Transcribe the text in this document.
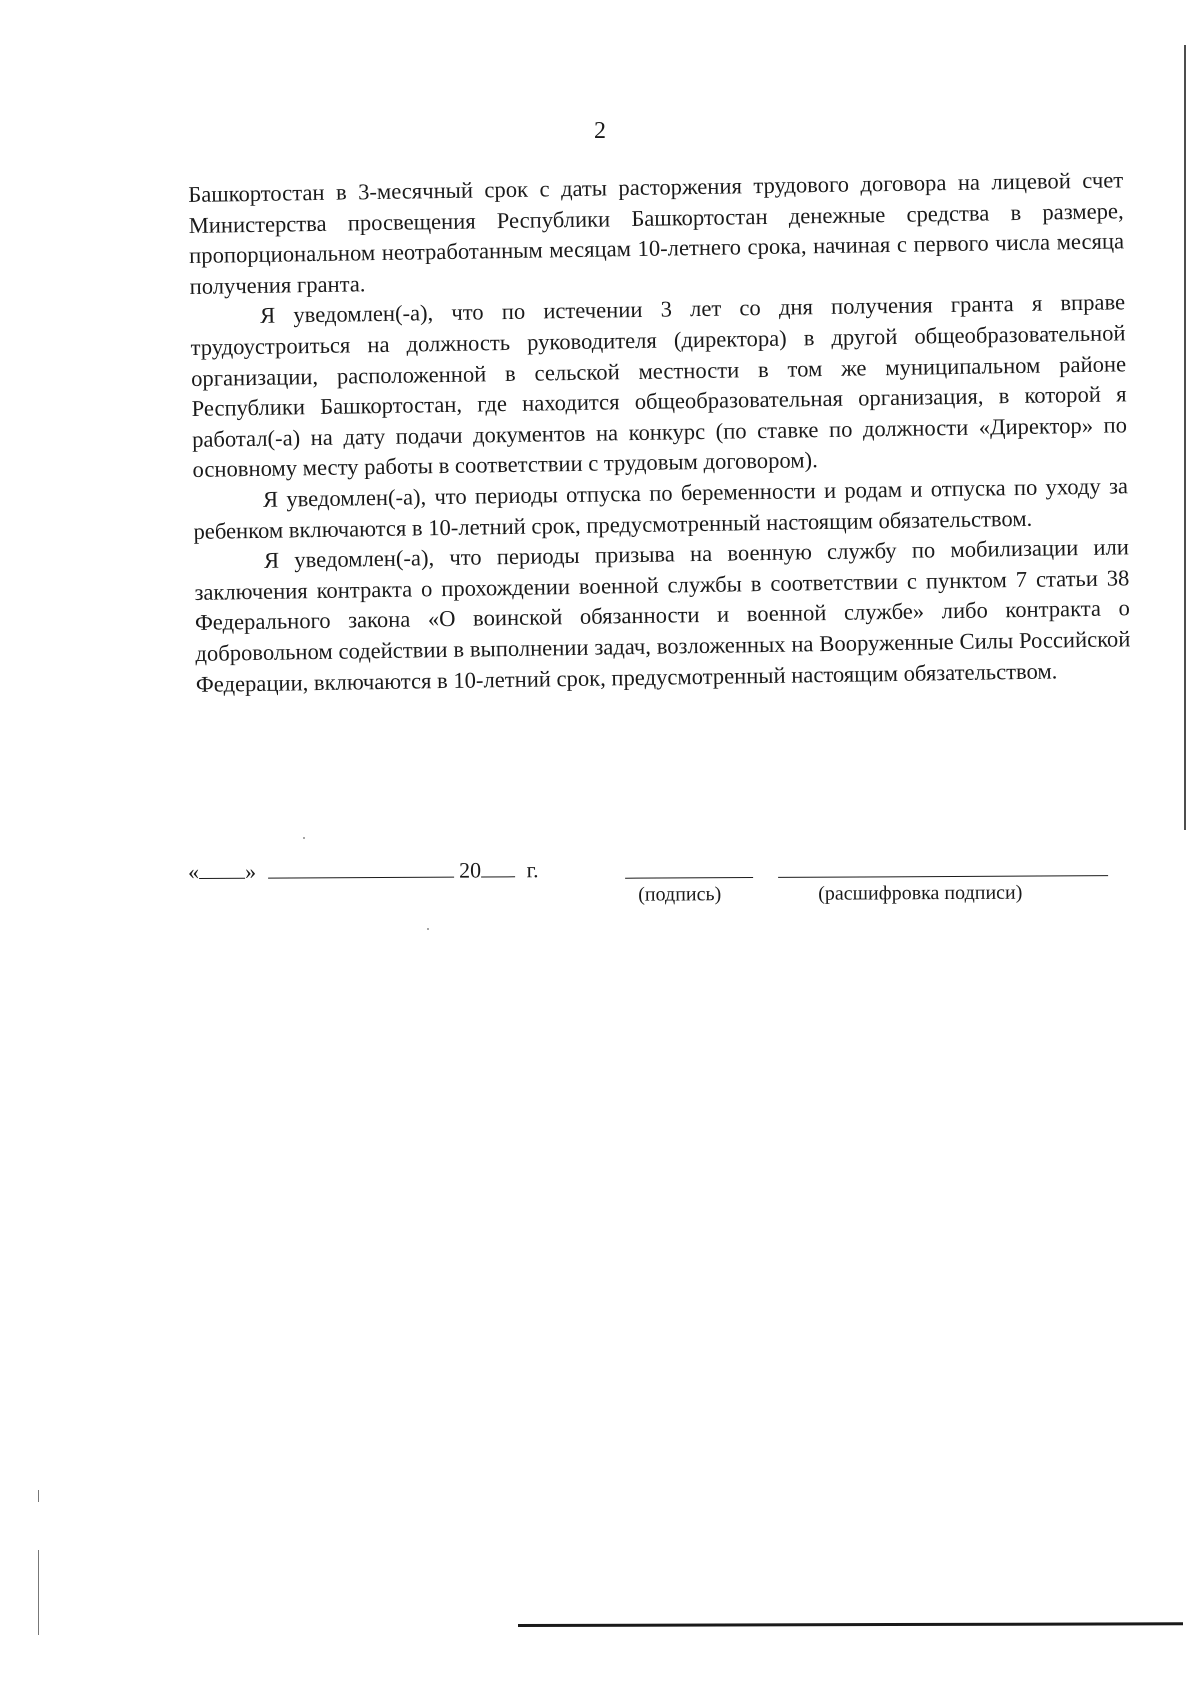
2

Башкортостан в 3-месячный срок с даты расторжения трудового договора на лицевой счет Министерства просвещения Республики Башкортостан денежные средства в размере, пропорциональном неотработанным месяцам 10-летнего срока, начиная с первого числа месяца получения гранта.

Я уведомлен(-а), что по истечении 3 лет со дня получения гранта я вправе трудоустроиться на должность руководителя (директора) в другой общеобразовательной организации, расположенной в сельской местности в том же муниципальном районе Республики Башкортостан, где находится общеобразовательная организация, в которой я работал(-а) на дату подачи документов на конкурс (по ставке по должности «Директор» по основному месту работы в соответствии с трудовым договором).

Я уведомлен(-а), что периоды отпуска по беременности и родам и отпуска по уходу за ребенком включаются в 10-летний срок, предусмотренный настоящим обязательством.

Я уведомлен(-а), что периоды призыва на военную службу по мобилизации или заключения контракта о прохождении военной службы в соответствии с пунктом 7 статьи 38 Федерального закона «О воинской обязанности и военной службе» либо контракта о добровольном содействии в выполнении задач, возложенных на Вооруженные Силы Российской Федерации, включаются в 10-летний срок, предусмотренный настоящим обязательством.

« »	20 г.
(подпись)	(расшифровка подписи)
